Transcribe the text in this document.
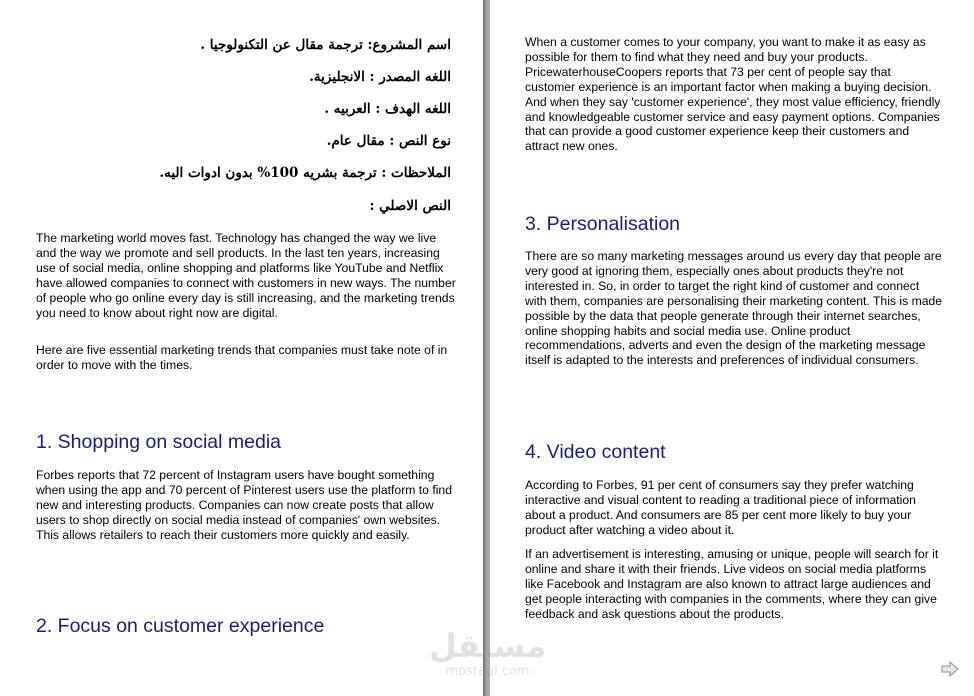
اسم المشروع: ترجمة مقال عن التكنولوجيا .
اللغه المصدر : الانجليزية.
اللغه الهدف : العربيه .
نوع النص : مقال عام.
الملاحظات : ترجمة بشريه 100% بدون ادوات اليه.
النص الاصلي :

The marketing world moves fast. Technology has changed the way we live and the way we promote and sell products. In the last ten years, increasing use of social media, online shopping and platforms like YouTube and Netflix have allowed companies to connect with customers in new ways. The number of people who go online every day is still increasing, and the marketing trends you need to know about right now are digital.

Here are five essential marketing trends that companies must take note of in order to move with the times.

1. Shopping on social media

Forbes reports that 72 percent of Instagram users have bought something when using the app and 70 percent of Pinterest users use the platform to find new and interesting products. Companies can now create posts that allow users to shop directly on social media instead of companies' own websites. This allows retailers to reach their customers more quickly and easily.

2. Focus on customer experience

When a customer comes to your company, you want to make it as easy as possible for them to find what they need and buy your products. PricewaterhouseCoopers reports that 73 per cent of people say that customer experience is an important factor when making a buying decision. And when they say 'customer experience', they most value efficiency, friendly and knowledgeable customer service and easy payment options. Companies that can provide a good customer experience keep their customers and attract new ones.

3. Personalisation

There are so many marketing messages around us every day that people are very good at ignoring them, especially ones about products they're not interested in. So, in order to target the right kind of customer and connect with them, companies are personalising their marketing content. This is made possible by the data that people generate through their internet searches, online shopping habits and social media use. Online product recommendations, adverts and even the design of the marketing message itself is adapted to the interests and preferences of individual consumers.

4. Video content

According to Forbes, 91 per cent of consumers say they prefer watching interactive and visual content to reading a traditional piece of information about a product. And consumers are 85 per cent more likely to buy your product after watching a video about it.

If an advertisement is interesting, amusing or unique, people will search for it online and share it with their friends. Live videos on social media platforms like Facebook and Instagram are also known to attract large audiences and get people interacting with companies in the comments, where they can give feedback and ask questions about the products.

مستقل
mostaql.com
